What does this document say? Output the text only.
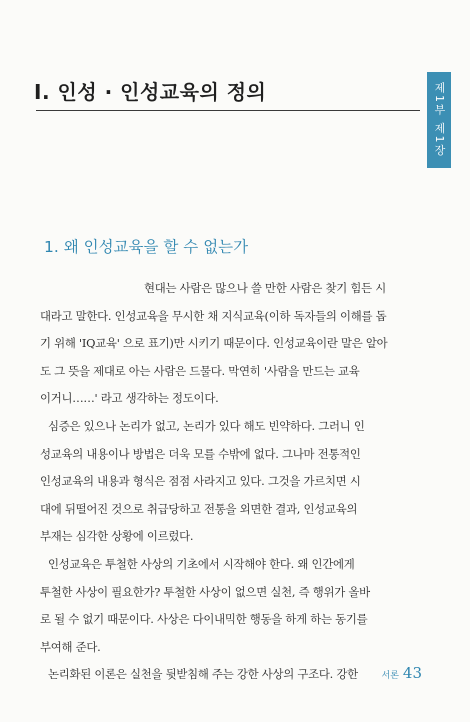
I. 인성 · 인성교육의 정의	제1부 제1장
1. 왜 인성교육을 할 수 없는가

현대는 사람은 많으나 쓸 만한 사람은 찾기 힘든 시
대라고 말한다. 인성교육을 무시한 채 지식교육(이하 독자들의 이해를 돕
기 위해 'IQ교육' 으로 표기)만 시키기 때문이다. 인성교육이란 말은 알아
도 그 뜻을 제대로 아는 사람은 드물다. 막연히 '사람을 만드는 교육
이거니……' 라고 생각하는 정도이다.

심증은 있으나 논리가 없고, 논리가 있다 해도 빈약하다. 그러니 인
성교육의 내용이나 방법은 더욱 모를 수밖에 없다. 그나마 전통적인
인성교육의 내용과 형식은 점점 사라지고 있다. 그것을 가르치면 시
대에 뒤떨어진 것으로 취급당하고 전통을 외면한 결과, 인성교육의
부재는 심각한 상황에 이르렀다.

인성교육은 투철한 사상의 기초에서 시작해야 한다. 왜 인간에게
투철한 사상이 필요한가? 투철한 사상이 없으면 실천, 즉 행위가 올바
로 될 수 없기 때문이다. 사상은 다이내믹한 행동을 하게 하는 동기를
부여해 준다.

논리화된 이론은 실천을 뒷받침해 주는 강한 사상의 구조다. 강한	서론 43
